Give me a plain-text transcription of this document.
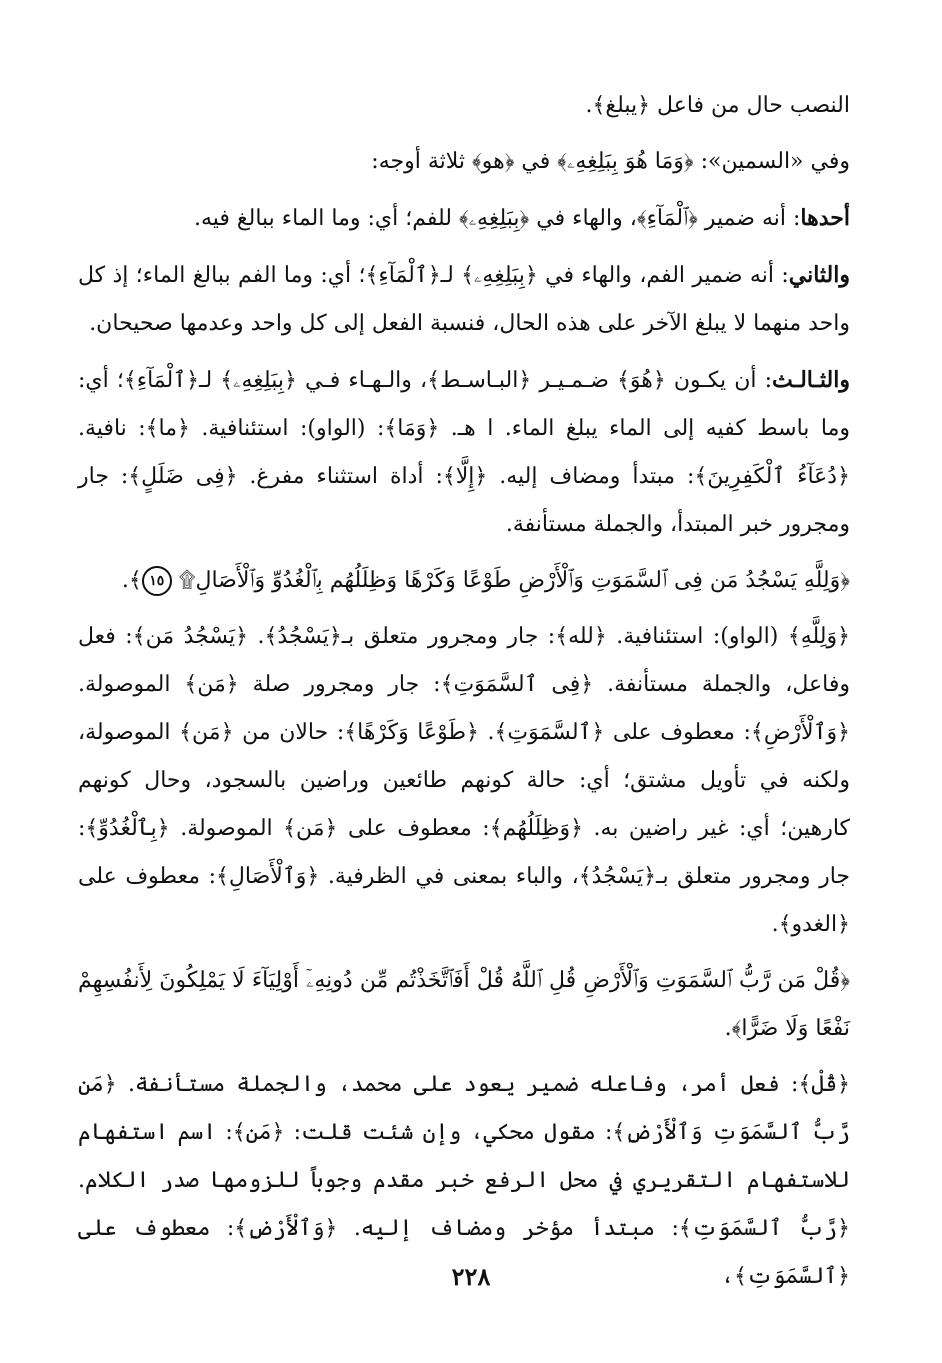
النصب حال من فاعل ﴿يبلغ﴾.

وفي «السمين»: ﴿وَمَا هُوَ بِبَلِغِهِۦ﴾ في ﴿هو﴾ ثلاثة أوجه:

أحدها: أنه ضمير ﴿ٱلْمَآءِ﴾، والهاء في ﴿بِبَلِغِهِۦ﴾ للفم؛ أي: وما الماء ببالغ فيه.

والثاني: أنه ضمير الفم، والهاء في ﴿بِبَلِغِهِۦ﴾ لـ﴿ٱلْمَآءِ﴾؛ أي: وما الفم ببالغ الماء؛ إذ كل واحد منهما لا يبلغ الآخر على هذه الحال، فنسبة الفعل إلى كل واحد وعدمها صحيحان.

والثـالـث: أن يكـون ﴿هُوَ﴾ ضـمـيـر ﴿البـاسـط﴾، والـهـاء فـي ﴿بِبَلِغِهِۦ﴾ لـ﴿ٱلْمَآءِ﴾؛ أي: وما باسط كفيه إلى الماء يبلغ الماء. ا هـ. ﴿وَمَا﴾: (الواو): استئنافية. ﴿ما﴾: نافية. ﴿دُعَآءُ ٱلْكَفِرِينَ﴾: مبتدأ ومضاف إليه. ﴿إِلَّا﴾: أداة استثناء مفرغ. ﴿فِى ضَلَلٍ﴾: جار ومجرور خبر المبتدأ، والجملة مستأنفة.

﴿وَلِلَّهِ يَسْجُدُ مَن فِى ٱلسَّمَوَتِ وَٱلْأَرْضِ طَوْعًا وَكَرْهًا وَظِلَلُهُم بِٱلْغُدُوِّ وَٱلْأَصَالِ۩ ١٥﴾.

﴿وَلِلَّهِ﴾ (الواو): استئنافية. ﴿لله﴾: جار ومجرور متعلق بـ﴿يَسْجُدُ﴾. ﴿يَسْجُدُ مَن﴾: فعل وفاعل، والجملة مستأنفة. ﴿فِى ٱلسَّمَوَتِ﴾: جار ومجرور صلة ﴿مَن﴾ الموصولة. ﴿وَٱلْأَرْضِ﴾: معطوف على ﴿ٱلسَّمَوَتِ﴾. ﴿طَوْعًا وَكَرْهًا﴾: حالان من ﴿مَن﴾ الموصولة، ولكنه في تأويل مشتق؛ أي: حالة كونهم طائعين وراضين بالسجود، وحال كونهم كارهين؛ أي: غير راضين به. ﴿وَظِلَلُهُم﴾: معطوف على ﴿مَن﴾ الموصولة. ﴿بِٱلْغُدُوِّ﴾: جار ومجرور متعلق بـ﴿يَسْجُدُ﴾، والباء بمعنى في الظرفية. ﴿وَٱلْأَصَالِ﴾: معطوف على ﴿الغدو﴾.

﴿قُلْ مَن رَّبُّ ٱلسَّمَوَتِ وَٱلْأَرْضِ قُلِ ٱللَّهُ قُلْ أَفَٱتَّخَذْتُم مِّن دُونِهِۦٓ أَوْلِيَآءَ لَا يَمْلِكُونَ لِأَنفُسِهِمْ نَفْعًا وَلَا ضَرًّا﴾.

﴿قُلْ﴾: فعل أمر، وفاعله ضمير يعود على محمد، والجملة مستأنفة. ﴿مَن رَّبُّ ٱلسَّمَوَتِ وَٱلْأَرْضِ﴾: مقول محكي، وإن شئت قلت: ﴿مَن﴾: اسم استفهام للاستفهام التقريري في محل الرفع خبر مقدم وجوباً للزومها صدر الكلام. ﴿رَّبُّ ٱلسَّمَوَتِ﴾: مبتدأ مؤخر ومضاف إليه. ﴿وَٱلْأَرْضِ﴾: معطوف على ﴿ٱلسَّمَوَتِ﴾،

٢٢٨
